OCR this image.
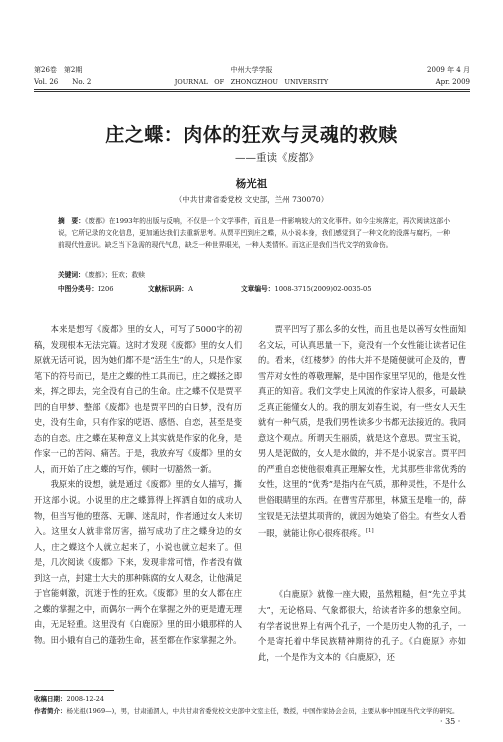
第26卷　第2期
Vol. 26　　No. 2
中州大学学报
JOURNAL　OF　ZHONGZHOU　UNIVERSITY
2009 年 4 月
Apr. 2009
庄之蝶：肉体的狂欢与灵魂的救赎
——重读《废都》
杨光祖
（中共甘肃省委党校 文史部，兰州 730070）
摘　要：《废都》在1993年的出版与反响，不仅是一个文学事件，而且是一件影响较大的文化事件。如今尘埃落定，再次阅读这部小说，它所记录的文化信息，更加通达我们去重新思考。从贾平凹到庄之蝶，从小说本身，我们感觉到了一种文化的没落与腐朽，一种前现代性意识。缺乏当下急需的现代气息，缺乏一种世界眼光，一种人类情怀。而这正是我们当代文学的致命伤。
关键词：《废都》；狂欢；救赎
中图分类号：I206	文献标识码：A	文章编号：1008-3715(2009)02-0035-05

本来是想写《废都》里的女人，可写了5000字的初稿，发现根本无法完篇。这时才发现《废都》里的女人们原就无话可说，因为她们都不是“活生生”的人，只是作家笔下的符号而已，是庄之蝶的性工具而已，庄之蝶拯之即来，挥之即去，完全没有自己的生命。庄之蝶不仅是贾平凹的自甲梦、整部《废都》也是贾平凹的白日梦，没有历史，没有生命，只有作家的呓语、感悟、自恋，甚至是变态的自恋。庄之蝶在某种意义上其实就是作家的化身，是作家一己的苦闷、痛苦。于是，我放弃写《废都》里的女人，而开始了庄之蝶的写作，顿时一切豁然一新。

我原来的设想，就是通过《废都》里的女人描写，撕开这部小说。小说里的庄之蝶算得上挥洒自如的成功人物，但当写他的堕落、无聊、迷乱时，作者通过女人来切入。这里女人就非常厉害，描写成功了庄之蝶身边的女人，庄之蝶这个人就立起来了，小说也就立起来了。但是，几次阅读《废都》下来，发现非常可惜，作者没有做到这一点，封建士大夫的那种陈腐的女人观念，让他满足于官能刺激，沉迷于性的狂欢。《废都》里的女人都在庄之蝶的掌握之中，而偶尔一两个在掌握之外的更是遭无理由，无足轻重。这里没有《白鹿原》里的田小娥那样的人物。田小娥有自己的蓬勃生命，甚至都在作家掌握之外。

贾平凹写了那么多的女性，而且也是以善写女性面知名文坛，可认真思量一下，竟没有一个女性能让读者记住的。看来，《红楼梦》的伟大并不是随便就可企及的，曹雪芹对女性的尊敬理解，是中国作家里罕见的，他是女性真正的知音。我们文学史上风流的作家诗人很多，可最缺乏真正能懂女人的。我的朋友刘春生说，有一些女人天生就有一种气质，是我们男性读多少书都无法接近的。我同意这个观点。所谓天生丽质，就是这个意思。贾宝玉说，男人是泥做的，女人是水做的，并不是小说家言。贾平凹的严重自恋使他很难真正理解女性，尤其那些非常优秀的女性，这里的“优秀”是指内在气质，那种灵性，不是什么世俗眼睛里的东西。在曹雪芹那里，林黛玉是唯一的，薛宝钗是无法望其项背的，就因为她染了俗尘。有些女人看一眼，就能让你心很疼很疼。[1]

《白鹿原》就像一座大殿，虽然粗糙，但“先立乎其大”，无论格局、气象都很大，给读者许多的想象空间。有学者说世界上有两个孔子，一个是历史人物的孔子，一个是寄托着中华民族精神期待的孔子。《白鹿原》亦如此，一个是作为文本的《白鹿原》，还

收稿日期：2008-12-24
作者简介：杨光祖(1969—)，男，甘肃通渭人，中共甘肃省委党校文史部中文室主任，教授，中国作家协会会员，主要从事中国现当代文学的研究。
· 35 ·
